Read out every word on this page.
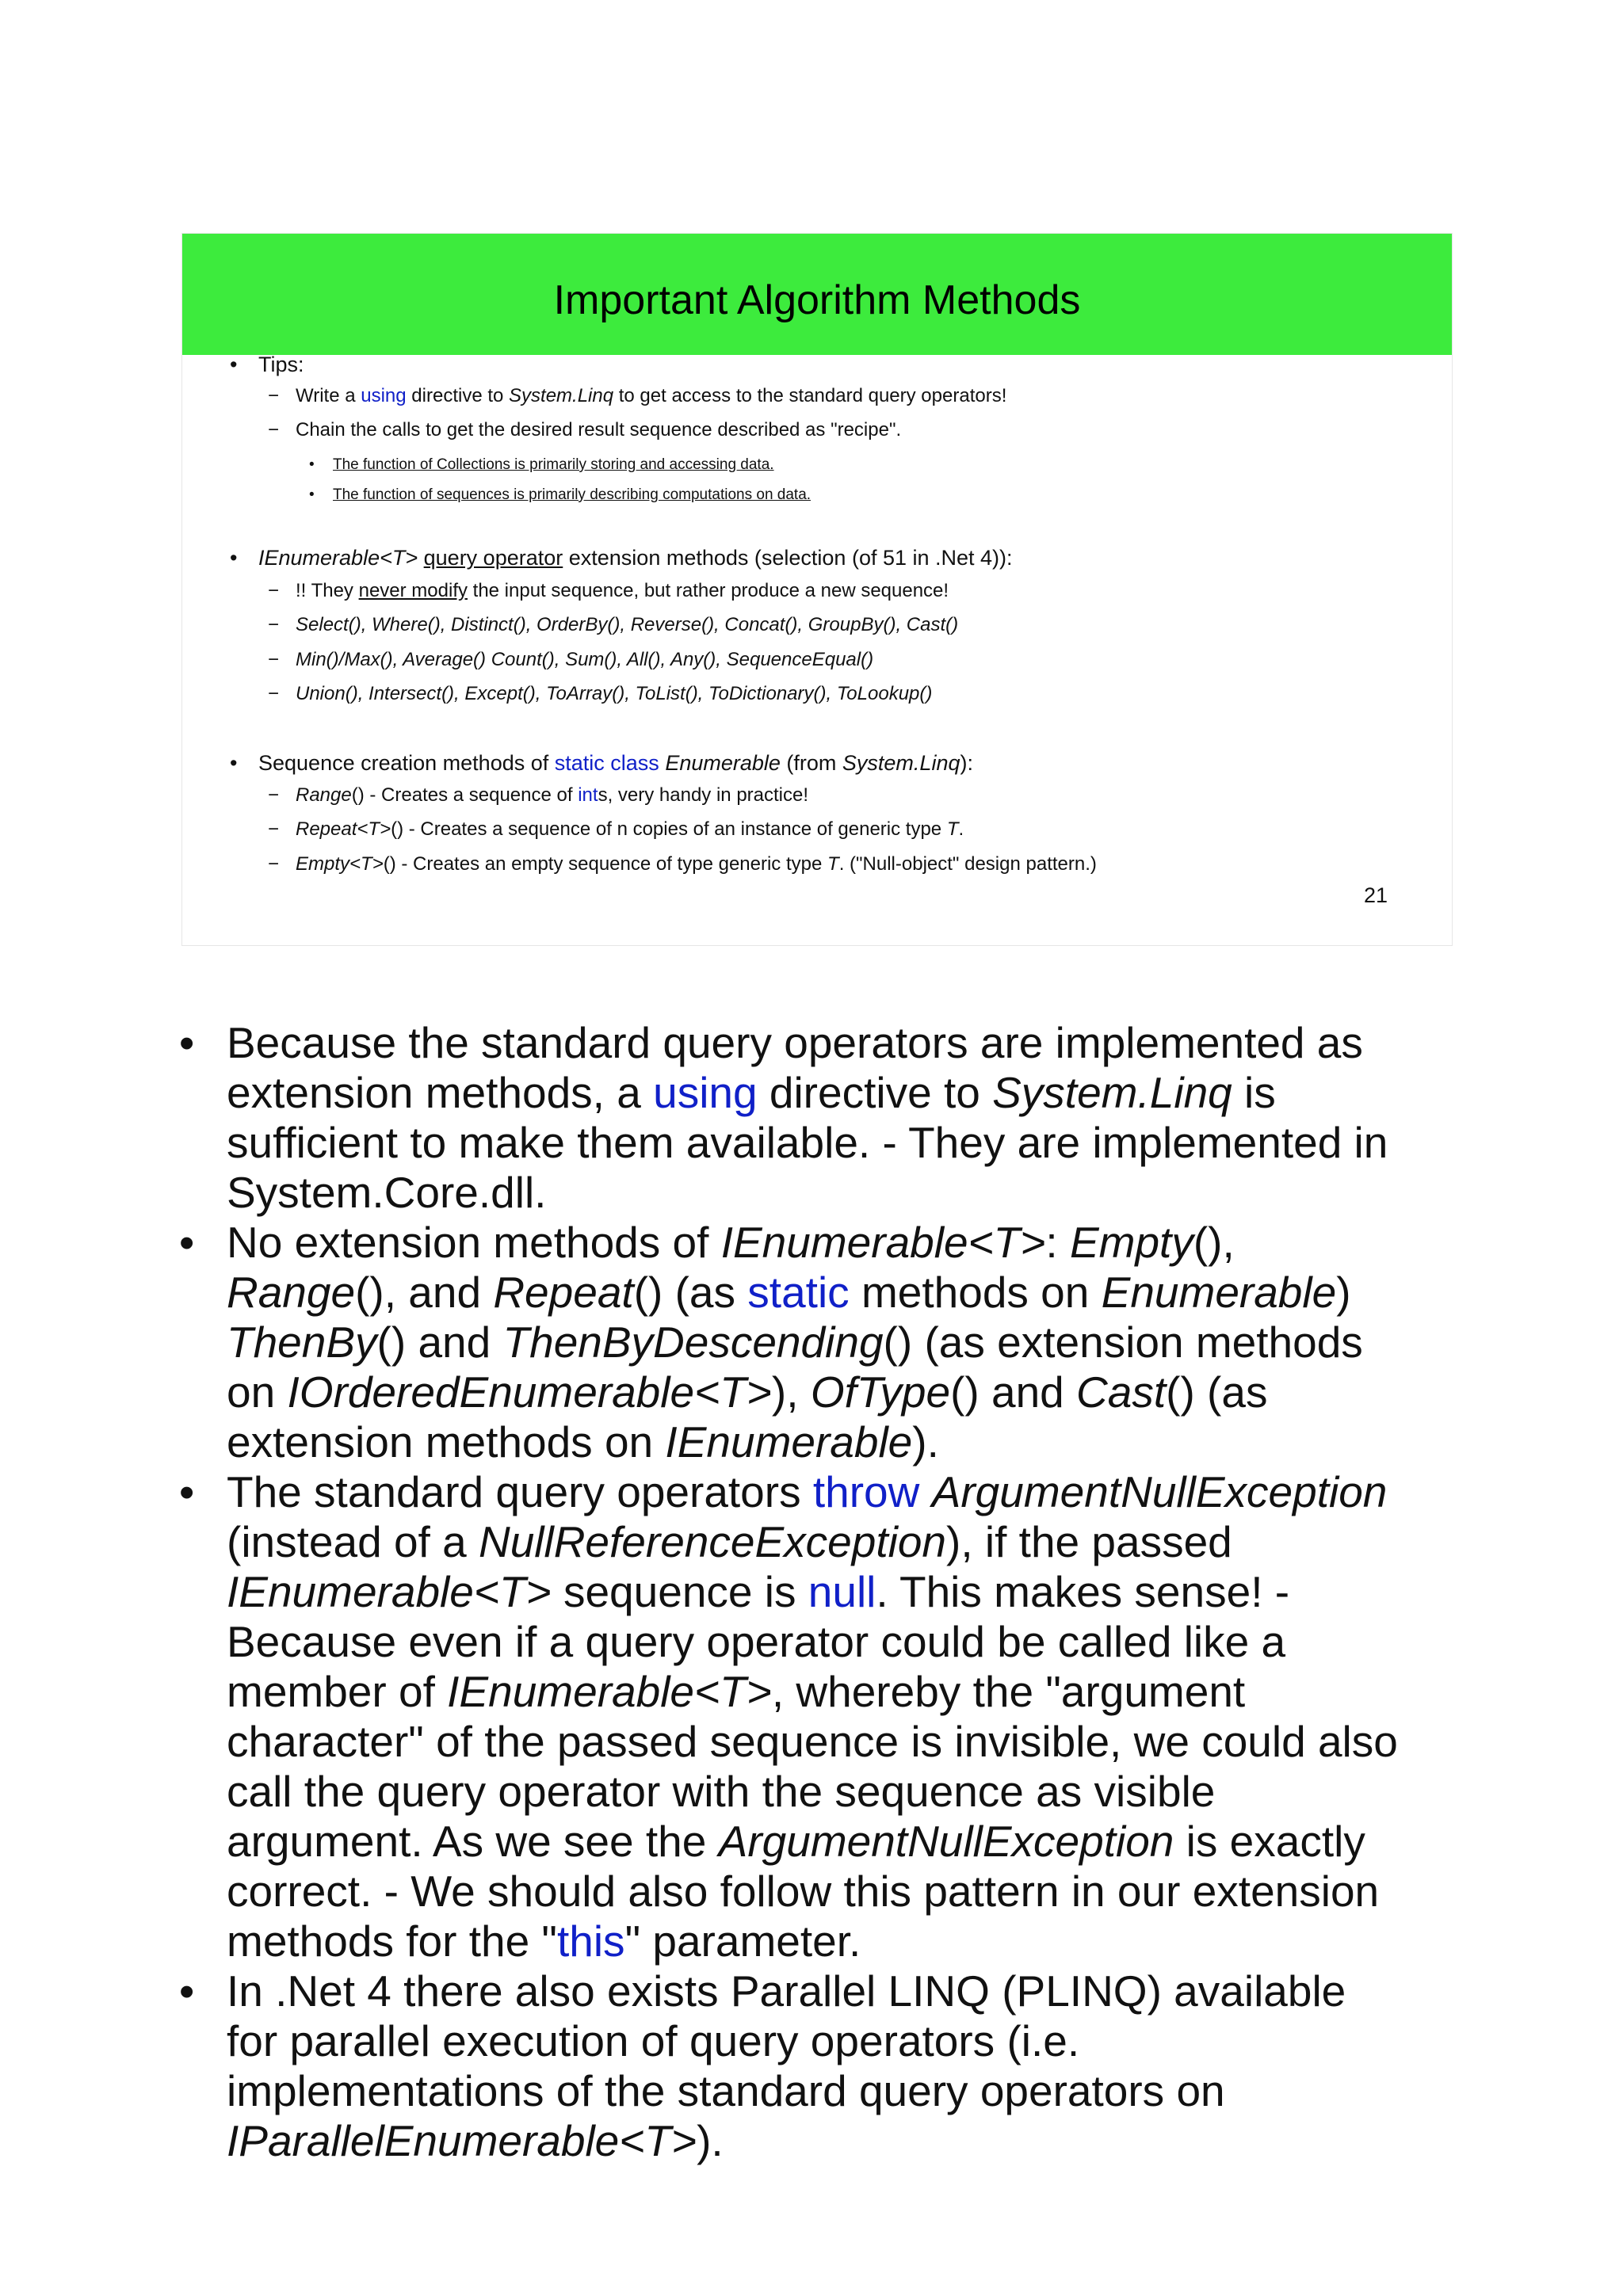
Important Algorithm Methods
• Tips:
− Write a using directive to System.Linq to get access to the standard query operators!
− Chain the calls to get the desired result sequence described as "recipe".
• The function of Collections is primarily storing and accessing data.
• The function of sequences is primarily describing computations on data.
• IEnumerable<T> query operator extension methods (selection (of 51 in .Net 4)):
− !! They never modify the input sequence, but rather produce a new sequence!
− Select(), Where(), Distinct(), OrderBy(), Reverse(), Concat(), GroupBy(), Cast()
− Min()/Max(), Average() Count(), Sum(), All(), Any(), SequenceEqual()
− Union(), Intersect(), Except(), ToArray(), ToList(), ToDictionary(), ToLookup()
• Sequence creation methods of static class Enumerable (from System.Linq):
− Range() - Creates a sequence of ints, very handy in practice!
− Repeat<T>() - Creates a sequence of n copies of an instance of generic type T.
− Empty<T>() - Creates an empty sequence of type generic type T. ("Null-object" design pattern.)
21
• Because the standard query operators are implemented as
extension methods, a using directive to System.Linq is
sufficient to make them available. - They are implemented in
System.Core.dll.
• No extension methods of IEnumerable<T>: Empty(),
Range(), and Repeat() (as static methods on Enumerable)
ThenBy() and ThenByDescending() (as extension methods
on IOrderedEnumerable<T>), OfType() and Cast() (as
extension methods on IEnumerable).
• The standard query operators throw ArgumentNullException
(instead of a NullReferenceException), if the passed
IEnumerable<T> sequence is null. This makes sense! -
Because even if a query operator could be called like a
member of IEnumerable<T>, whereby the "argument
character" of the passed sequence is invisible, we could also
call the query operator with the sequence as visible
argument. As we see the ArgumentNullException is exactly
correct. - We should also follow this pattern in our extension
methods for the "this" parameter.
• In .Net 4 there also exists Parallel LINQ (PLINQ) available
for parallel execution of query operators (i.e.
implementations of the standard query operators on
IParallelEnumerable<T>).
